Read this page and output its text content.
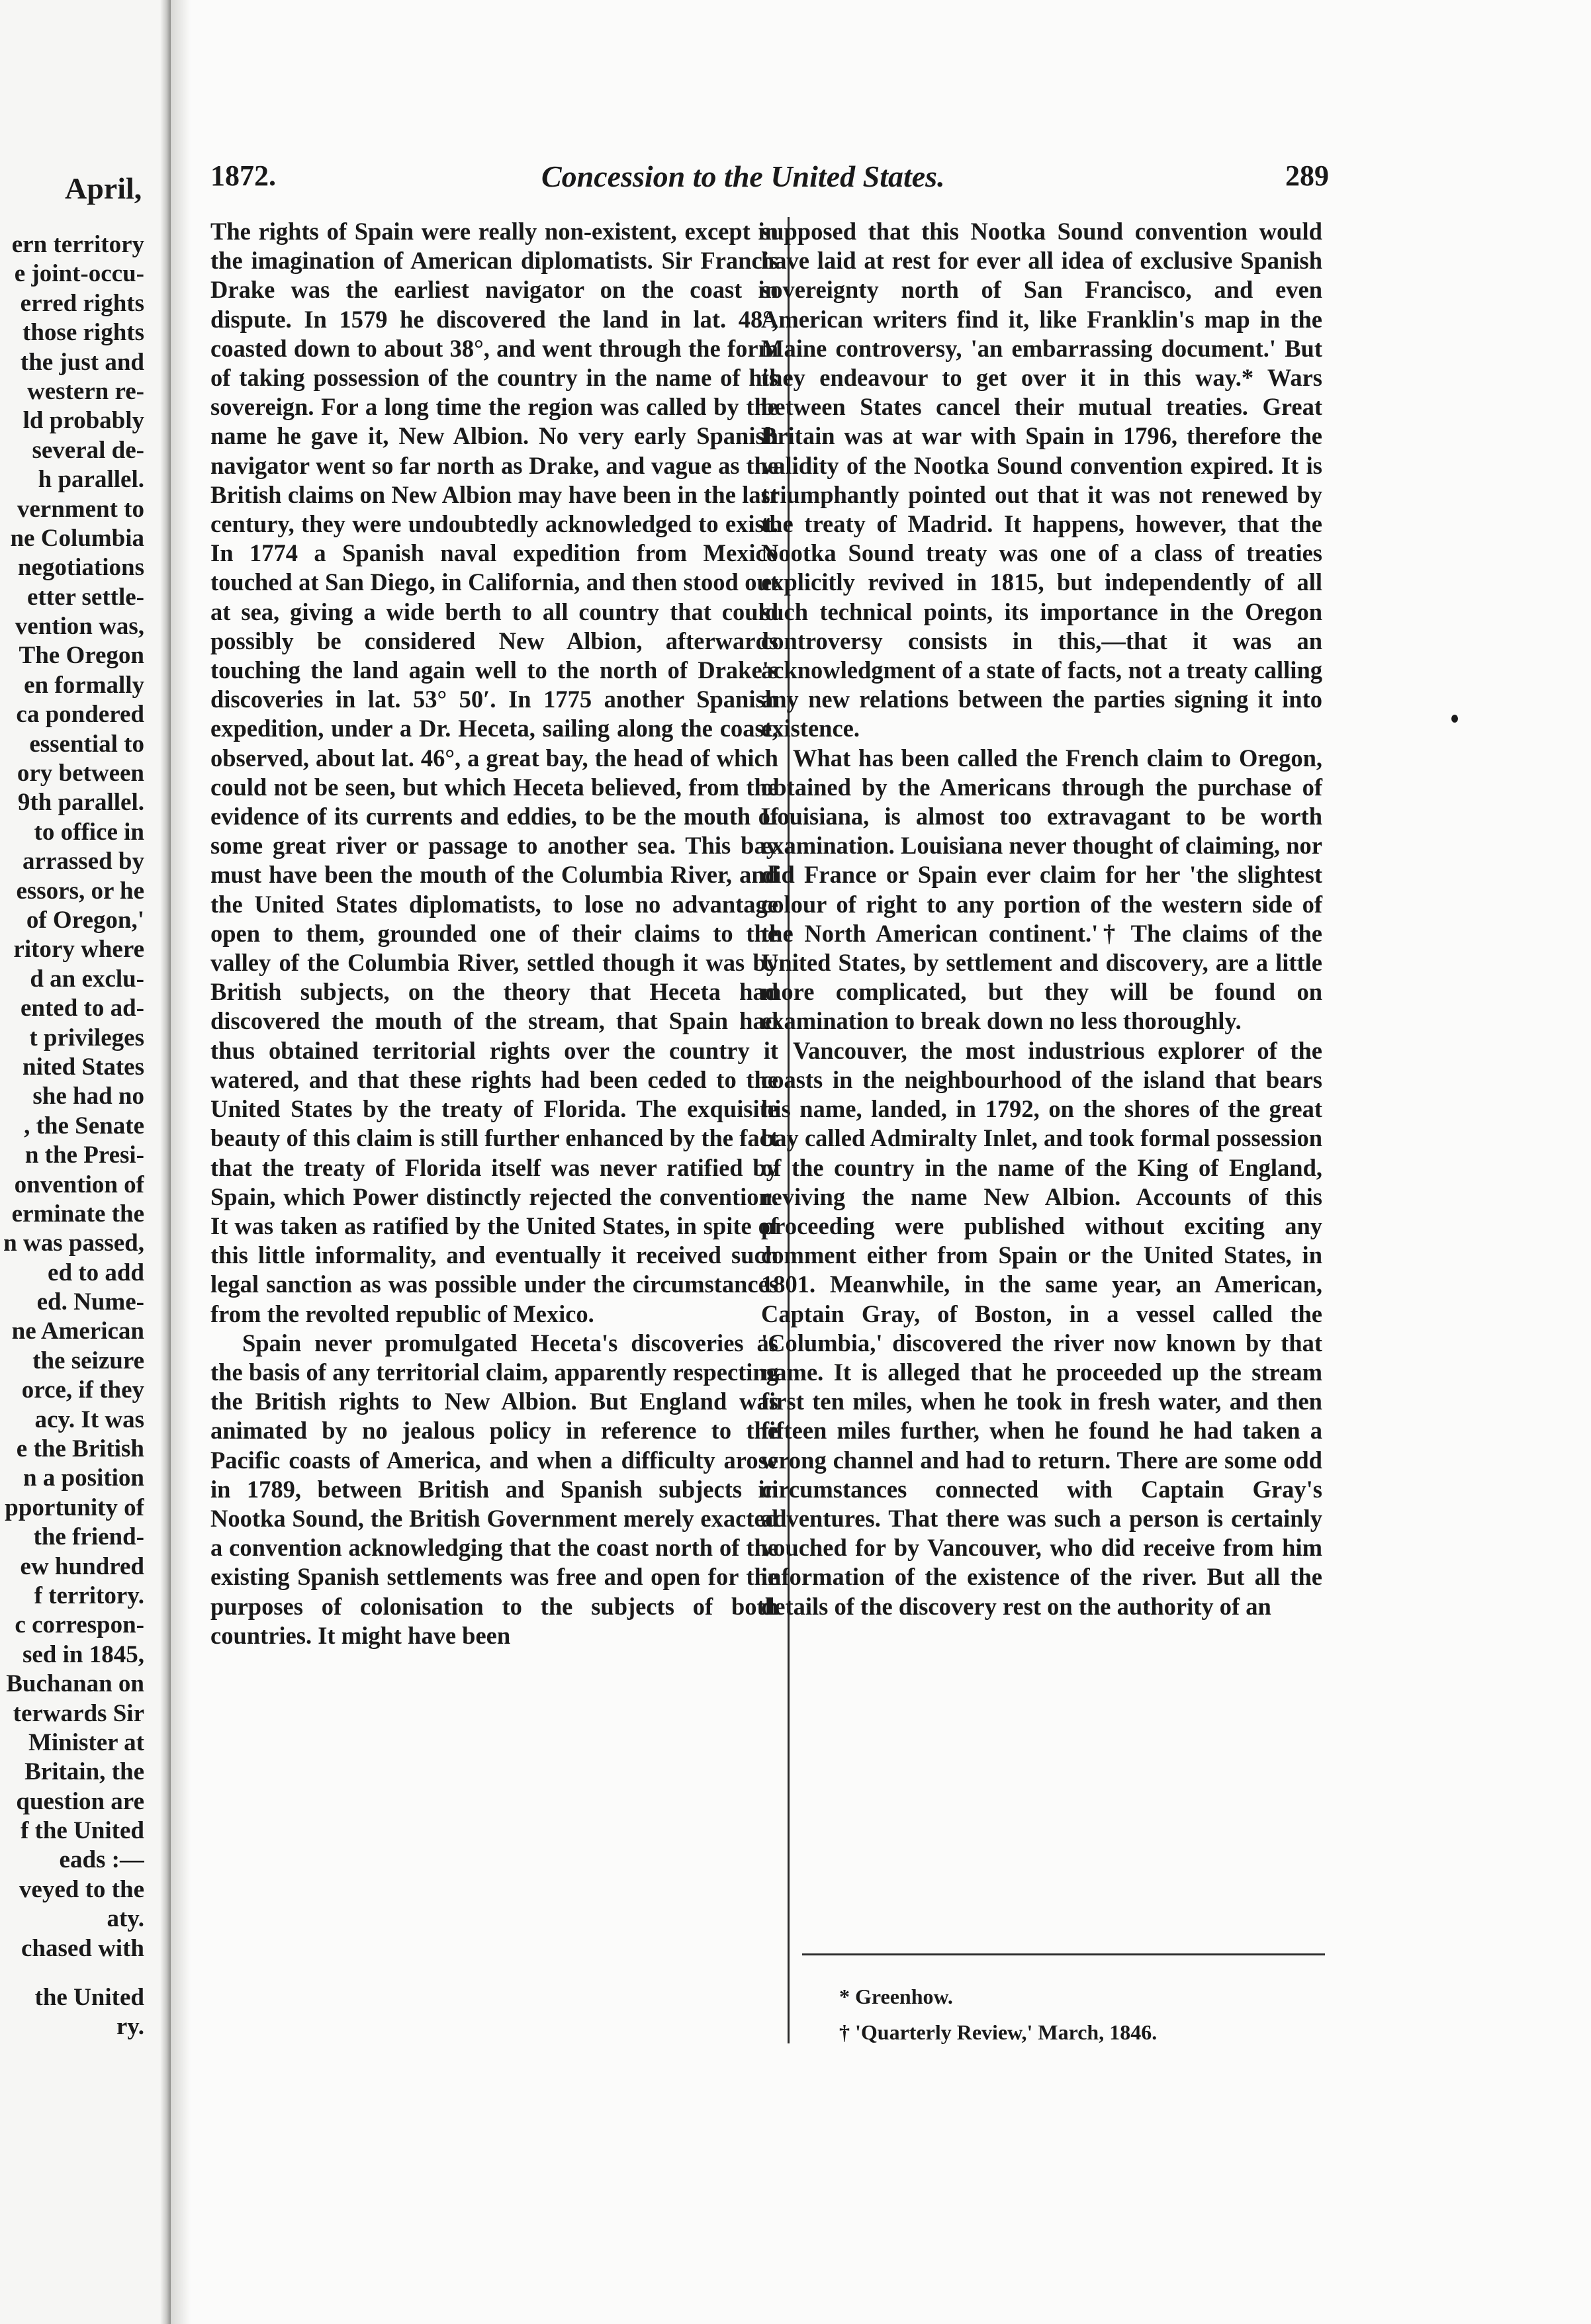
April,
ern territory
e joint-occu-
erred rights
those rights
the just and
western re-
ld probably
several de-
h parallel.
vernment to
ne Columbia
negotiations
etter settle-
vention was,
The Oregon
en formally
ca pondered
essential to
ory between
9th parallel.
to office in
arrassed by
essors, or he
of Oregon,'
ritory where
d an exclu-
ented to ad-
t privileges
nited States
she had no
, the Senate
n the Presi-
onvention of
erminate the
n was passed,
ed to add
ed. Nume-
ne American
the seizure
orce, if they
acy. It was
e the British
n a position
pportunity of
the friend-
ew hundred
f territory.
c correspon-
sed in 1845,
Buchanan on
terwards Sir
Minister at
Britain, the
question are
f the United
eads :—
veyed to the
aty.
chased with
the United
ry.
1872.	Concession to the United States.	289

The rights of Spain were really non-existent, except in the imagination of American diplomatists. Sir Francis Drake was the earliest navigator on the coast in dispute. In 1579 he discovered the land in lat. 48°, coasted down to about 38°, and went through the form of taking possession of the country in the name of his sovereign. For a long time the region was called by the name he gave it, New Albion. No very early Spanish navigator went so far north as Drake, and vague as the British claims on New Albion may have been in the last century, they were undoubtedly acknowledged to exist. In 1774 a Spanish naval expedition from Mexico touched at San Diego, in California, and then stood out at sea, giving a wide berth to all country that could possibly be considered New Albion, afterwards touching the land again well to the north of Drake's discoveries in lat. 53° 50′. In 1775 another Spanish expedition, under a Dr. Heceta, sailing along the coast, observed, about lat. 46°, a great bay, the head of which could not be seen, but which Heceta believed, from the evidence of its currents and eddies, to be the mouth of some great river or passage to another sea. This bay must have been the mouth of the Columbia River, and the United States diplomatists, to lose no advantage open to them, grounded one of their claims to the valley of the Columbia River, settled though it was by British subjects, on the theory that Heceta had discovered the mouth of the stream, that Spain had thus obtained territorial rights over the country it watered, and that these rights had been ceded to the United States by the treaty of Florida. The exquisite beauty of this claim is still further enhanced by the fact that the treaty of Florida itself was never ratified by Spain, which Power distinctly rejected the convention. It was taken as ratified by the United States, in spite of this little informality, and eventually it received such legal sanction as was possible under the circumstances from the revolted republic of Mexico.

Spain never promulgated Heceta's discoveries as the basis of any territorial claim, apparently respecting the British rights to New Albion. But England was animated by no jealous policy in reference to the Pacific coasts of America, and when a difficulty arose in 1789, between British and Spanish subjects in Nootka Sound, the British Government merely exacted a convention acknowledging that the coast north of the existing Spanish settlements was free and open for the purposes of colonisation to the subjects of both countries. It might have been

supposed that this Nootka Sound convention would have laid at rest for ever all idea of exclusive Spanish sovereignty north of San Francisco, and even American writers find it, like Franklin's map in the Maine controversy, 'an embarrassing document.' But they endeavour to get over it in this way.* Wars between States cancel their mutual treaties. Great Britain was at war with Spain in 1796, therefore the validity of the Nootka Sound convention expired. It is triumphantly pointed out that it was not renewed by the treaty of Madrid. It happens, however, that the Nootka Sound treaty was one of a class of treaties explicitly revived in 1815, but independently of all such technical points, its importance in the Oregon controversy consists in this,—that it was an acknowledgment of a state of facts, not a treaty calling any new relations between the parties signing it into existence.

What has been called the French claim to Oregon, obtained by the Americans through the purchase of Louisiana, is almost too extravagant to be worth examination. Louisiana never thought of claiming, nor did France or Spain ever claim for her 'the slightest colour of right to any portion of the western side of the North American continent.'† The claims of the United States, by settlement and discovery, are a little more complicated, but they will be found on examination to break down no less thoroughly.

Vancouver, the most industrious explorer of the coasts in the neighbourhood of the island that bears his name, landed, in 1792, on the shores of the great bay called Admiralty Inlet, and took formal possession of the country in the name of the King of England, reviving the name New Albion. Accounts of this proceeding were published without exciting any comment either from Spain or the United States, in 1801. Meanwhile, in the same year, an American, Captain Gray, of Boston, in a vessel called the 'Columbia,' discovered the river now known by that name. It is alleged that he proceeded up the stream first ten miles, when he took in fresh water, and then fifteen miles further, when he found he had taken a wrong channel and had to return. There are some odd circumstances connected with Captain Gray's adventures. That there was such a person is certainly vouched for by Vancouver, who did receive from him information of the existence of the river. But all the details of the discovery rest on the authority of an

* Greenhow.
† 'Quarterly Review,' March, 1846.
